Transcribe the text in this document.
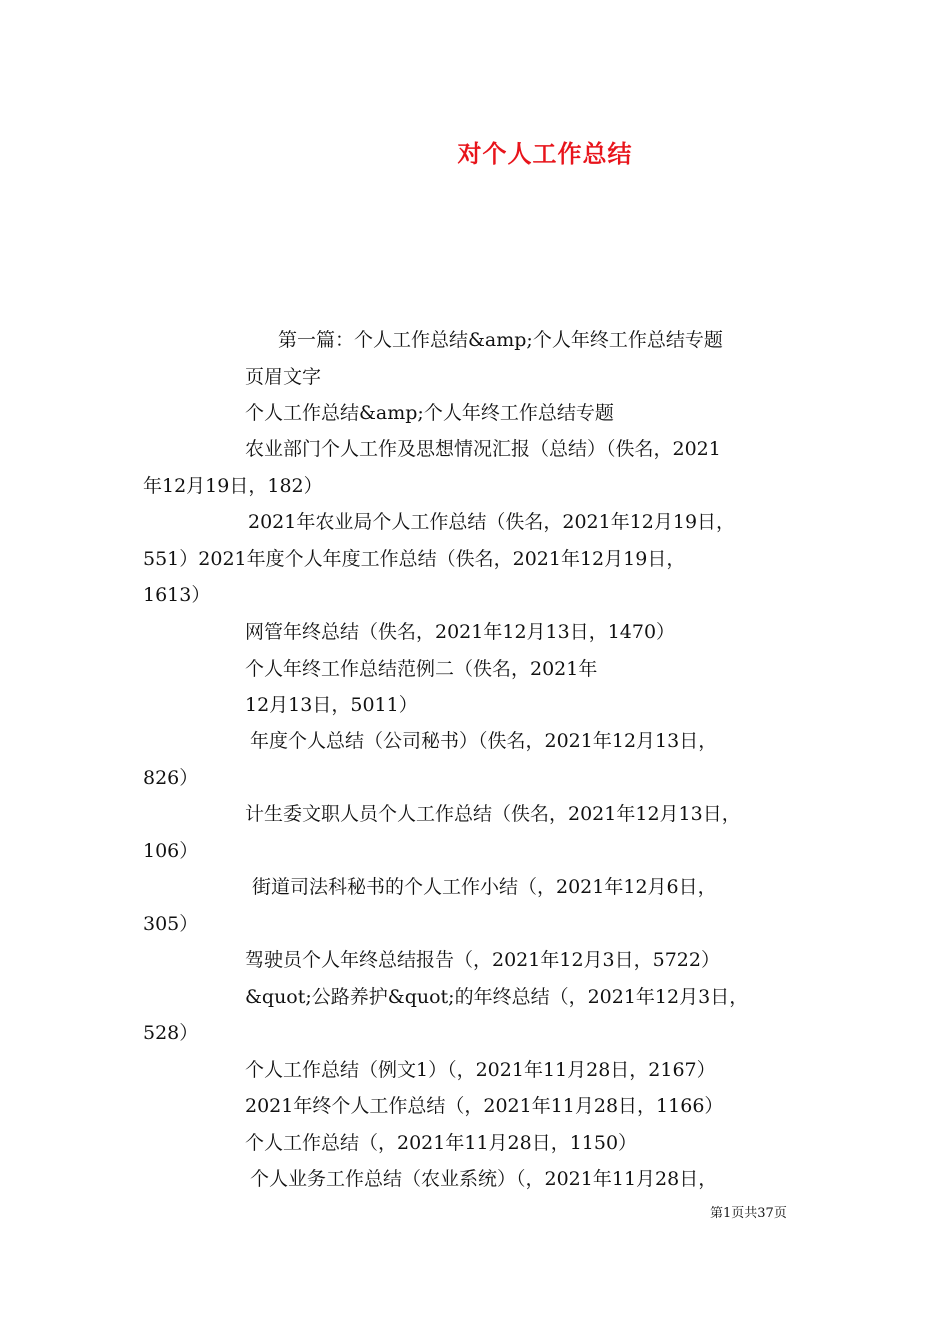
对个人工作总结
第一篇：个人工作总结&amp;个人年终工作总结专题
页眉文字
个人工作总结&amp;个人年终工作总结专题
农业部门个人工作及思想情况汇报（总结）（佚名，2021
年12月19日，182）
2021年农业局个人工作总结（佚名，2021年12月19日，
551）2021年度个人年度工作总结（佚名，2021年12月19日，
1613）
网管年终总结（佚名，2021年12月13日，1470）
个人年终工作总结范例二（佚名，2021年
12月13日，5011）
年度个人总结（公司秘书）（佚名，2021年12月13日，
826）
计生委文职人员个人工作总结（佚名，2021年12月13日，
106）
街道司法科秘书的个人工作小结（，2021年12月6日，
305）
驾驶员个人年终总结报告（，2021年12月3日，5722）
&quot;公路养护&quot;的年终总结（，2021年12月3日，
528）
个人工作总结（例文1）（，2021年11月28日，2167）
2021年终个人工作总结（，2021年11月28日，1166）
个人工作总结（，2021年11月28日，1150）
个人业务工作总结（农业系统）（，2021年11月28日，
第1页共37页
